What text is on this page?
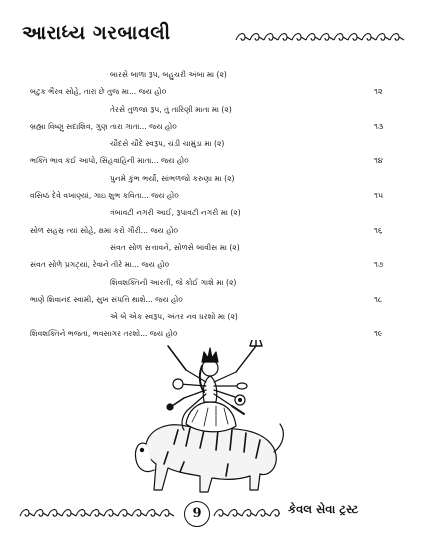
આરાધ્ય ગરબાવલી
બારસે બાળા રૂપ, બહુચરી અંબા મા (૨)
બટુક ભૈરવ સોહે, તારા છે તુજ મા... જય હો૦	૧૨
તેરસે તુળજા રૂપ, તું તારિણી માતા મા (૨)
બ્રહ્મા વિષ્ણુ સદાશિવ, ગુણ તારા ગાતા... જય હો૦	૧૩
ચૌદસે ચૌદે સ્વરૂપ, ચંડી ચામુંડા મા (૨)
ભક્તિ ભાવ કંઈ આપો, સિંહવાહિની માતા... જય હો૦	૧૪
પુનમે કુંભ ભર્યો, સાંભળજો કરુણા મા (૨)
વસિષ્ઠ દેવે વખાણ્યાં, ગાઇ શુભ કવિતા... જય હો૦	૧૫
ત્રંબાવટી નગરી આઈ, રૂપાવટી નગરી મા (૨)
સોળ સહસ્ર ત્યાં સોહે, ક્ષમા કરો ગૌરી... જય હો૦	૧૬
સંવત સોળ સત્તાવને, સોળસે બાવીસ મા (૨)
સંવત સોળે પ્રગટ્યાં, રેવાને તીરે મા... જય હો૦	૧૭
શિવશક્તિની આરતી, જે કોઈ ગાશે મા (૨)
ભાણે શિવાનંદ સ્વામી, સુખ સંપત્તિ થાશે... જય હો૦	૧૮
એ બે એક સ્વરૂપ, અંતર નવ ધરશો મા (૨)
શિવશક્તિને ભજતાં, ભવસાગર તરશો... જય હો૦	૧૯
9	કેવલ સેવા ટ્રસ્ટ
